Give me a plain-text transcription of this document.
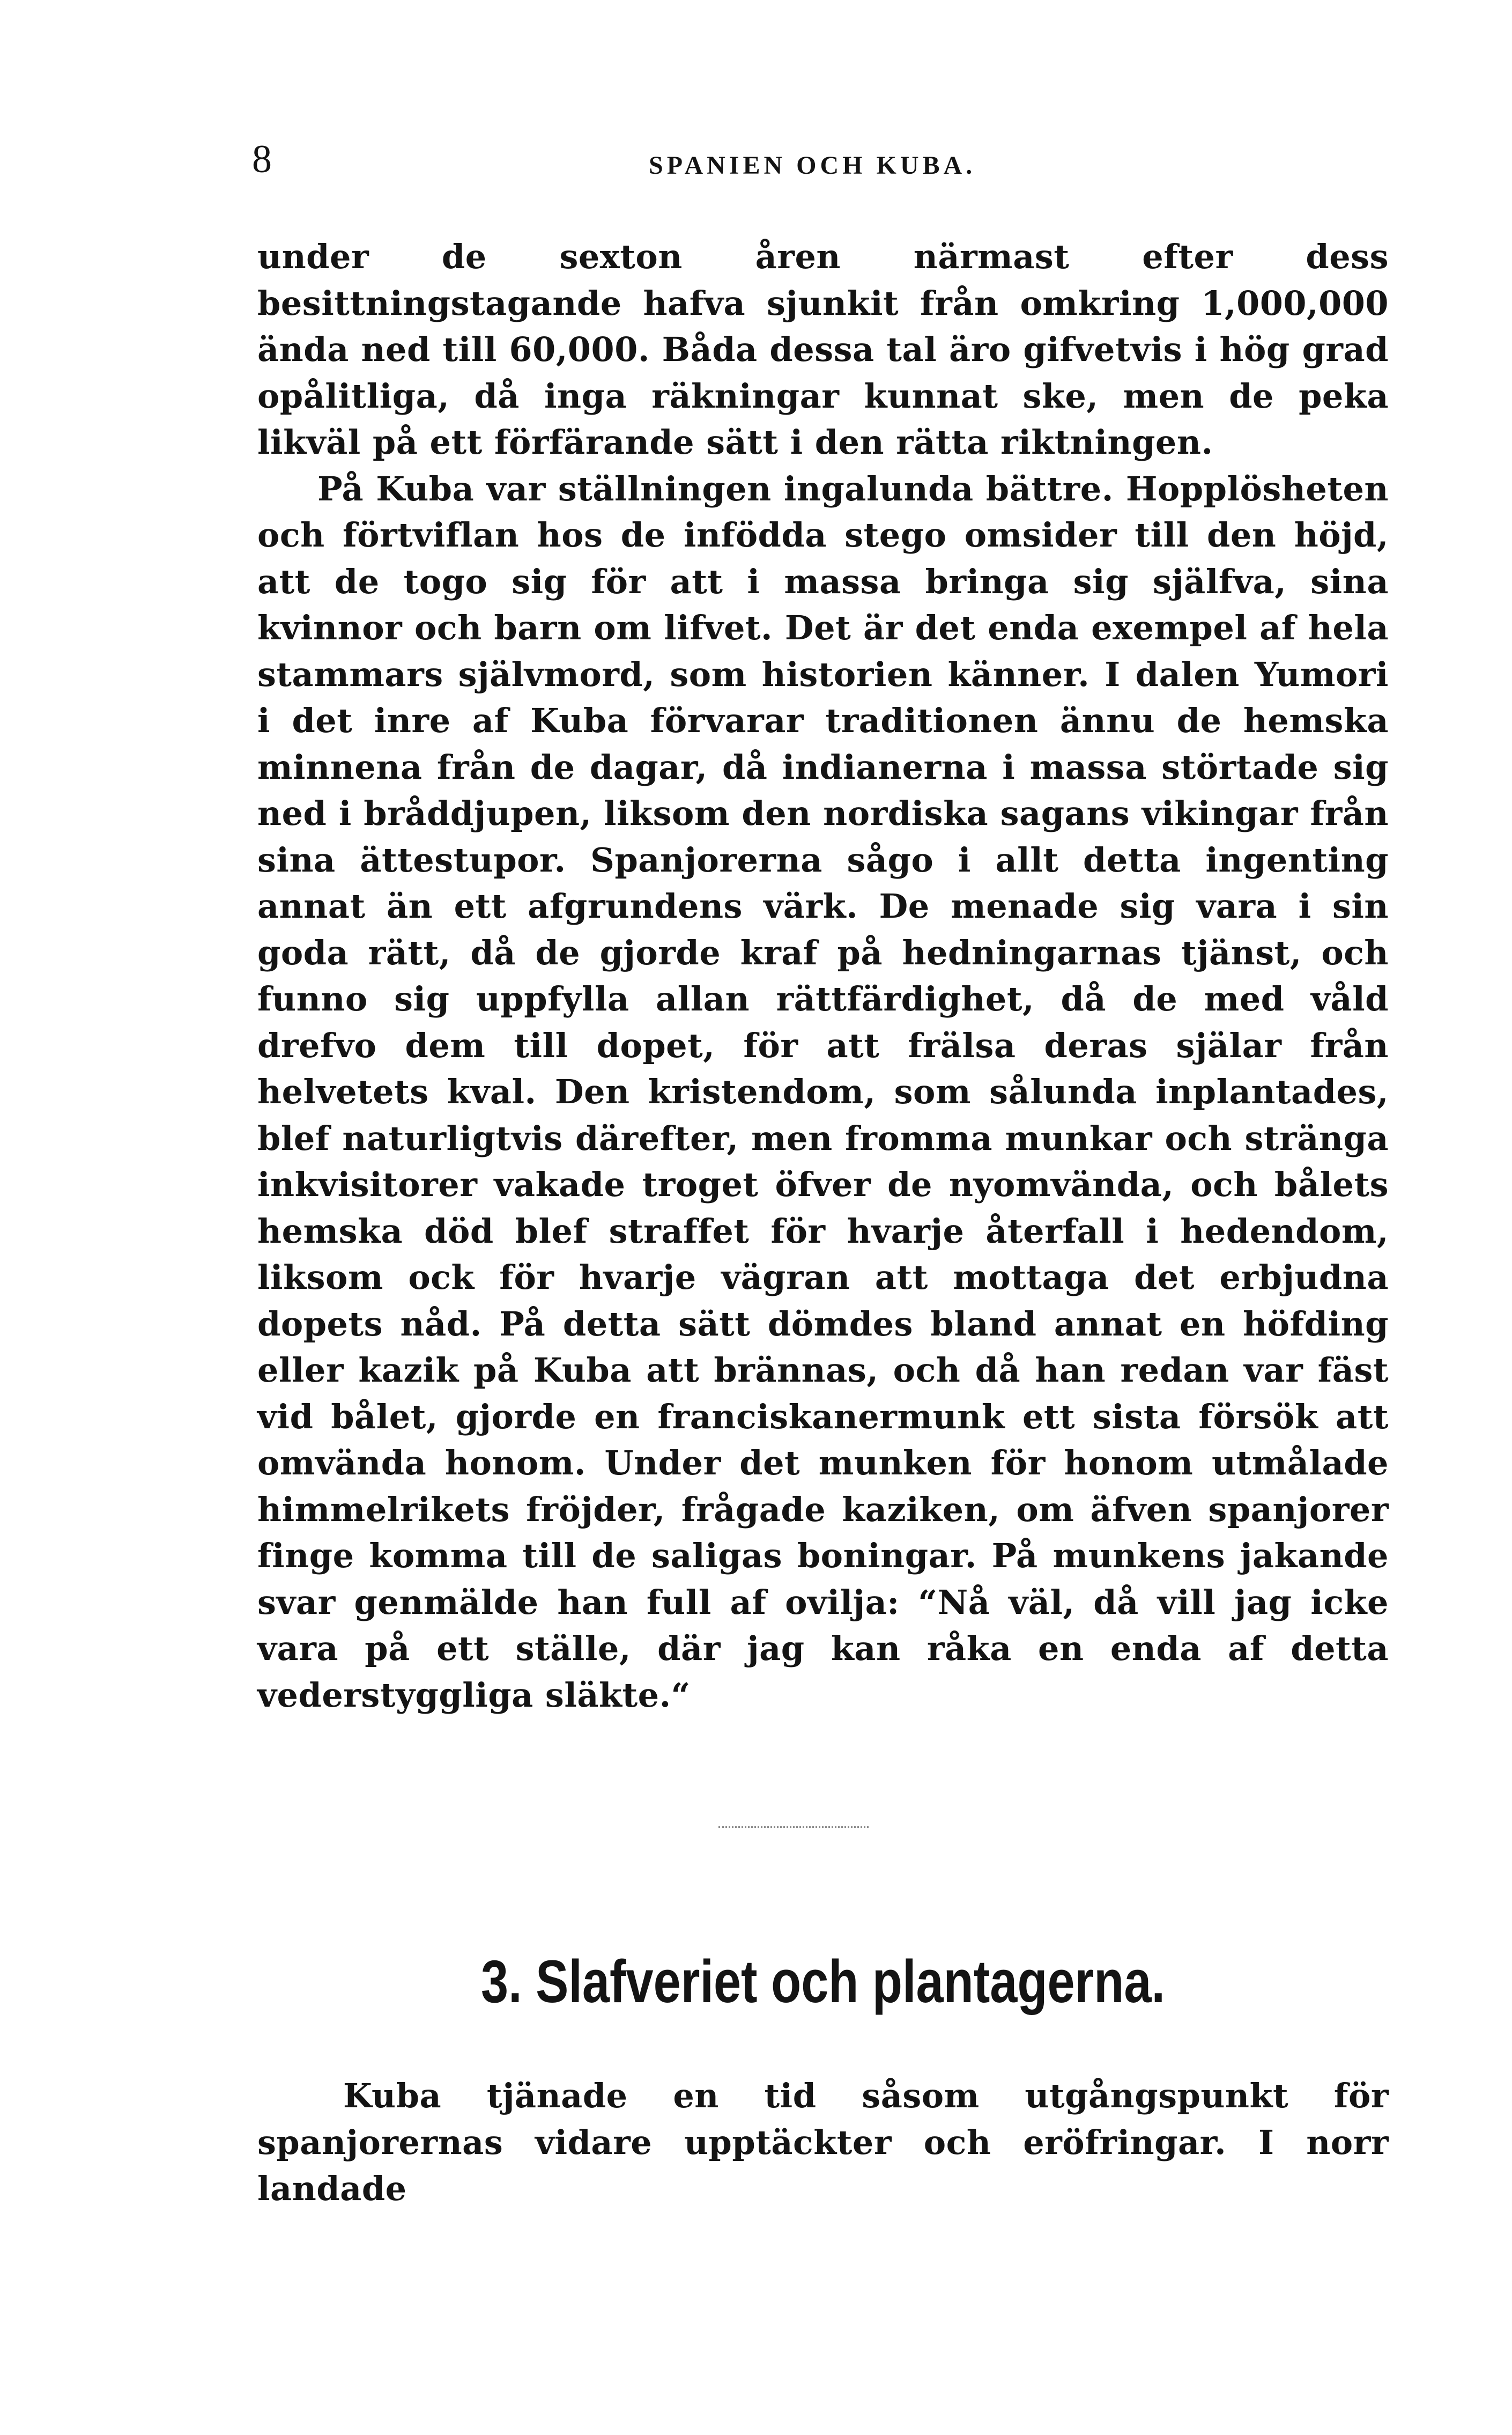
8	SPANIEN OCH KUBA.

under de sexton åren närmast efter dess besittningstagande hafva sjunkit från omkring 1,000,000 ända ned till 60,000. Båda dessa tal äro gifvetvis i hög grad opålitliga, då inga räkningar kunnat ske, men de peka likväl på ett förfärande sätt i den rätta riktningen.

På Kuba var ställningen ingalunda bättre. Hopplösheten och förtviflan hos de infödda stego omsider till den höjd, att de togo sig för att i massa bringa sig själfva, sina kvinnor och barn om lifvet. Det är det enda exempel af hela stammars självmord, som historien känner. I dalen Yumori i det inre af Kuba förvarar traditionen ännu de hemska minnena från de dagar, då indianerna i massa störtade sig ned i bråddjupen, liksom den nordiska sagans vikingar från sina ättestupor. Spanjorerna sågo i allt detta ingenting annat än ett afgrundens värk. De menade sig vara i sin goda rätt, då de gjorde kraf på hedningarnas tjänst, och funno sig uppfylla allan rättfärdighet, då de med våld drefvo dem till dopet, för att frälsa deras själar från helvetets kval. Den kristendom, som sålunda inplantades, blef naturligtvis därefter, men fromma munkar och stränga inkvisitorer vakade troget öfver de nyomvända, och bålets hemska död blef straffet för hvarje återfall i hedendom, liksom ock för hvarje vägran att mottaga det erbjudna dopets nåd. På detta sätt dömdes bland annat en höfding eller kazik på Kuba att brännas, och då han redan var fäst vid bålet, gjorde en franciskanermunk ett sista försök att omvända honom. Under det munken för honom utmålade himmelrikets fröjder, frågade kaziken, om äfven spanjorer finge komma till de saligas boningar. På munkens jakande svar genmälde han full af ovilja: “Nå väl, då vill jag icke vara på ett ställe, där jag kan råka en enda af detta vederstyggliga släkte.“

3. Slafveriet och plantagerna.

Kuba tjänade en tid såsom utgångspunkt för spanjorernas vidare upptäckter och eröfringar. I norr landade
